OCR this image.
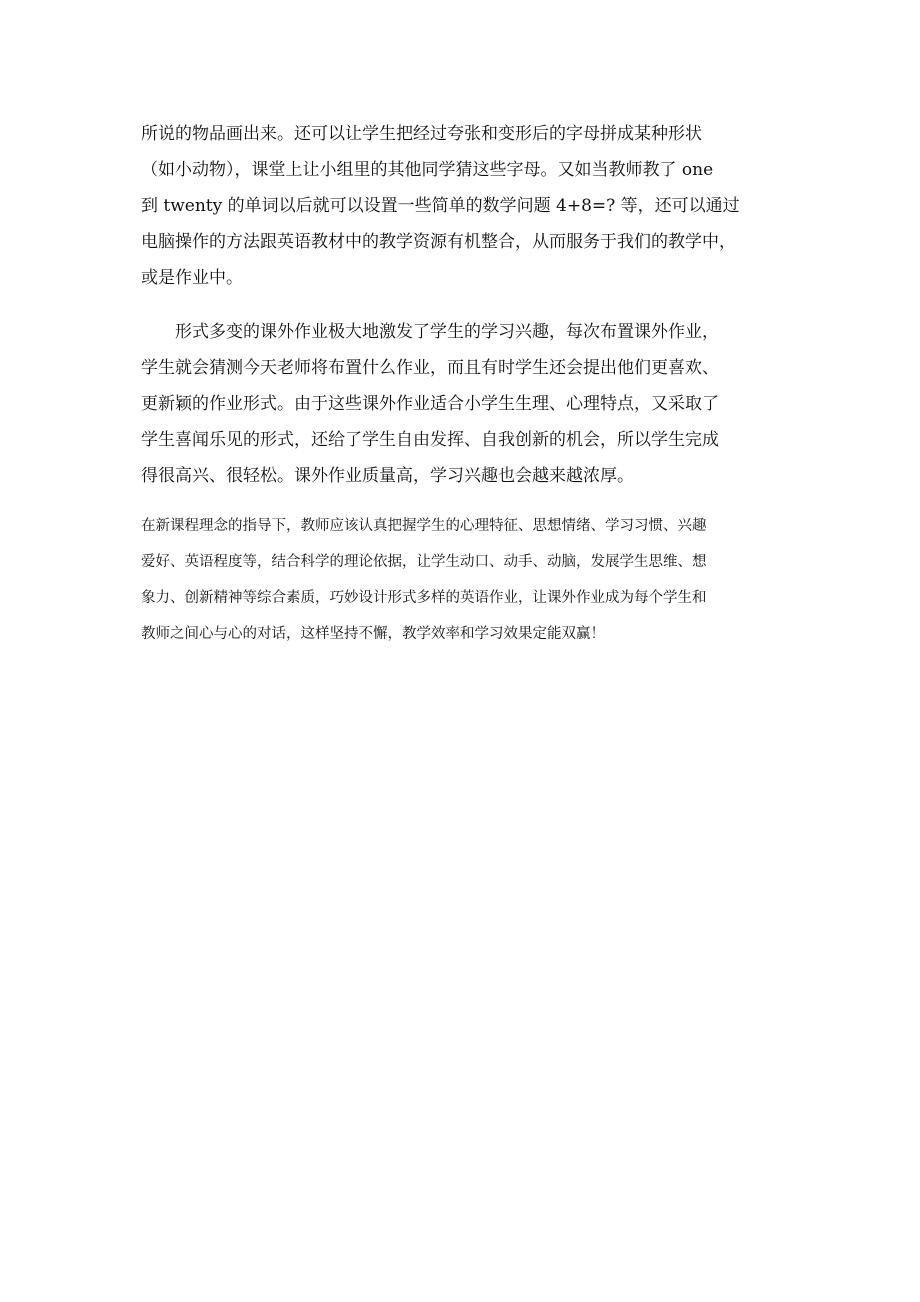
所说的物品画出来。还可以让学生把经过夸张和变形后的字母拼成某种形状
（如小动物），课堂上让小组里的其他同学猜这些字母。又如当教师教了 one
到 twenty 的单词以后就可以设置一些简单的数学问题 4+8=? 等，还可以通过
电脑操作的方法跟英语教材中的教学资源有机整合，从而服务于我们的教学中，
或是作业中。

　　形式多变的课外作业极大地激发了学生的学习兴趣，每次布置课外作业，
学生就会猜测今天老师将布置什么作业，而且有时学生还会提出他们更喜欢、
更新颖的作业形式。由于这些课外作业适合小学生生理、心理特点，又采取了
学生喜闻乐见的形式，还给了学生自由发挥、自我创新的机会，所以学生完成
得很高兴、很轻松。课外作业质量高，学习兴趣也会越来越浓厚。

在新课程理念的指导下，教师应该认真把握学生的心理特征、思想情绪、学习习惯、兴趣
爱好、英语程度等，结合科学的理论依据，让学生动口、动手、动脑，发展学生思维、想
象力、创新精神等综合素质，巧妙设计形式多样的英语作业，让课外作业成为每个学生和
教师之间心与心的对话，这样坚持不懈，教学效率和学习效果定能双赢！
